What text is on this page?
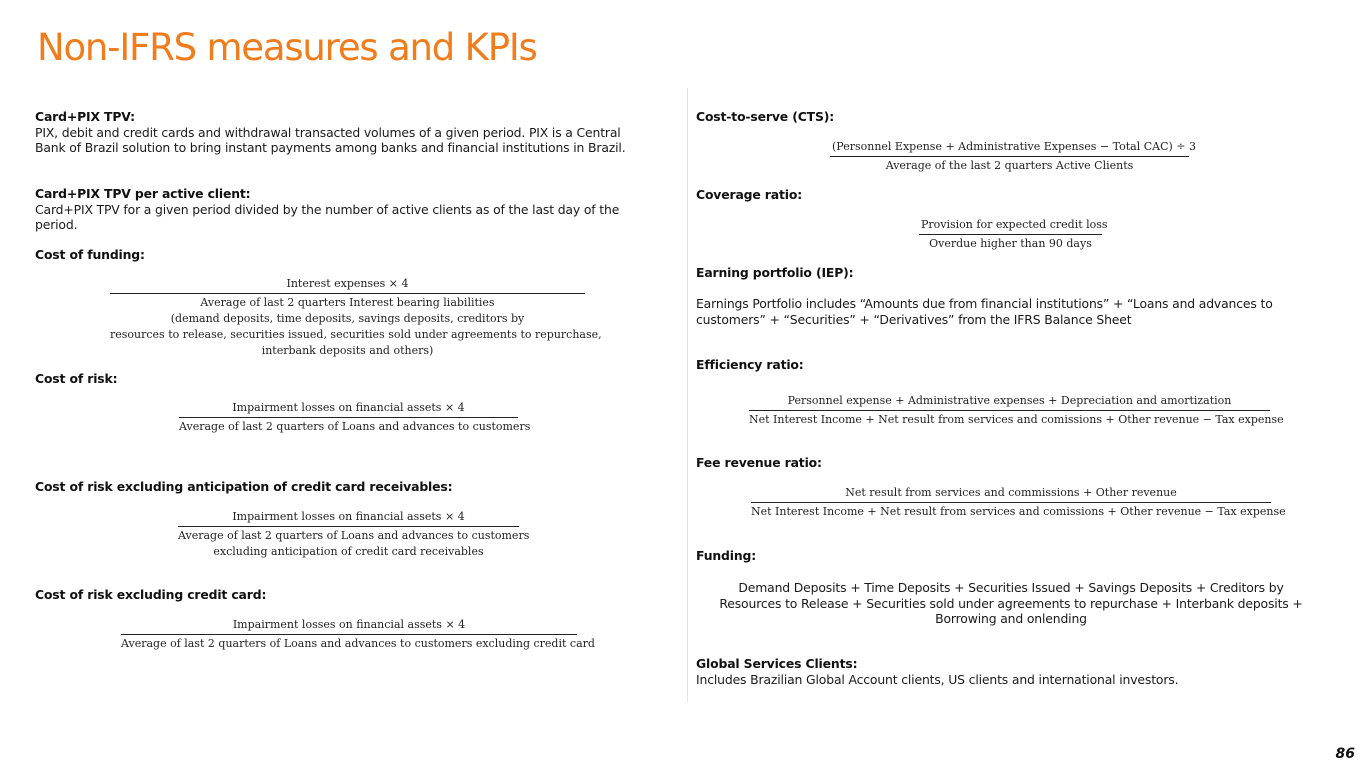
Non-IFRS measures and KPIs
Card+PIX TPV:
PIX, debit and credit cards and withdrawal transacted volumes of a given period. PIX is a Central
Bank of Brazil solution to bring instant payments among banks and financial institutions in Brazil.
Card+PIX TPV per active client:
Card+PIX TPV for a given period divided by the number of active clients as of the last day of the
period.
Cost of funding:
Interest expenses × 4
Average of last 2 quarters Interest bearing liabilities
(demand deposits, time deposits, savings deposits, creditors by
resources to release, securities issued, securities sold under agreements to repurchase,
interbank deposits and others)
Cost of risk:
Impairment losses on financial assets × 4
Average of last 2 quarters of Loans and advances to customers
Cost of risk excluding anticipation of credit card receivables:
Impairment losses on financial assets × 4
Average of last 2 quarters of Loans and advances to customers
excluding anticipation of credit card receivables
Cost of risk excluding credit card:
Impairment losses on financial assets × 4
Average of last 2 quarters of Loans and advances to customers excluding credit card
Cost-to-serve (CTS):
(Personnel Expense + Administrative Expenses − Total CAC) ÷ 3
Average of the last 2 quarters Active Clients
Coverage ratio:
Provision for expected credit loss
Overdue higher than 90 days
Earning portfolio (IEP):
Earnings Portfolio includes “Amounts due from financial institutions” + “Loans and advances to
customers” + “Securities” + “Derivatives” from the IFRS Balance Sheet
Efficiency ratio:
Personnel expense + Administrative expenses + Depreciation and amortization
Net Interest Income + Net result from services and comissions + Other revenue − Tax expense
Fee revenue ratio:
Net result from services and commissions + Other revenue
Net Interest Income + Net result from services and comissions + Other revenue − Tax expense
Funding:
Demand Deposits + Time Deposits + Securities Issued + Savings Deposits + Creditors by
Resources to Release + Securities sold under agreements to repurchase + Interbank deposits +
Borrowing and onlending
Global Services Clients:
Includes Brazilian Global Account clients, US clients and international investors.
86
